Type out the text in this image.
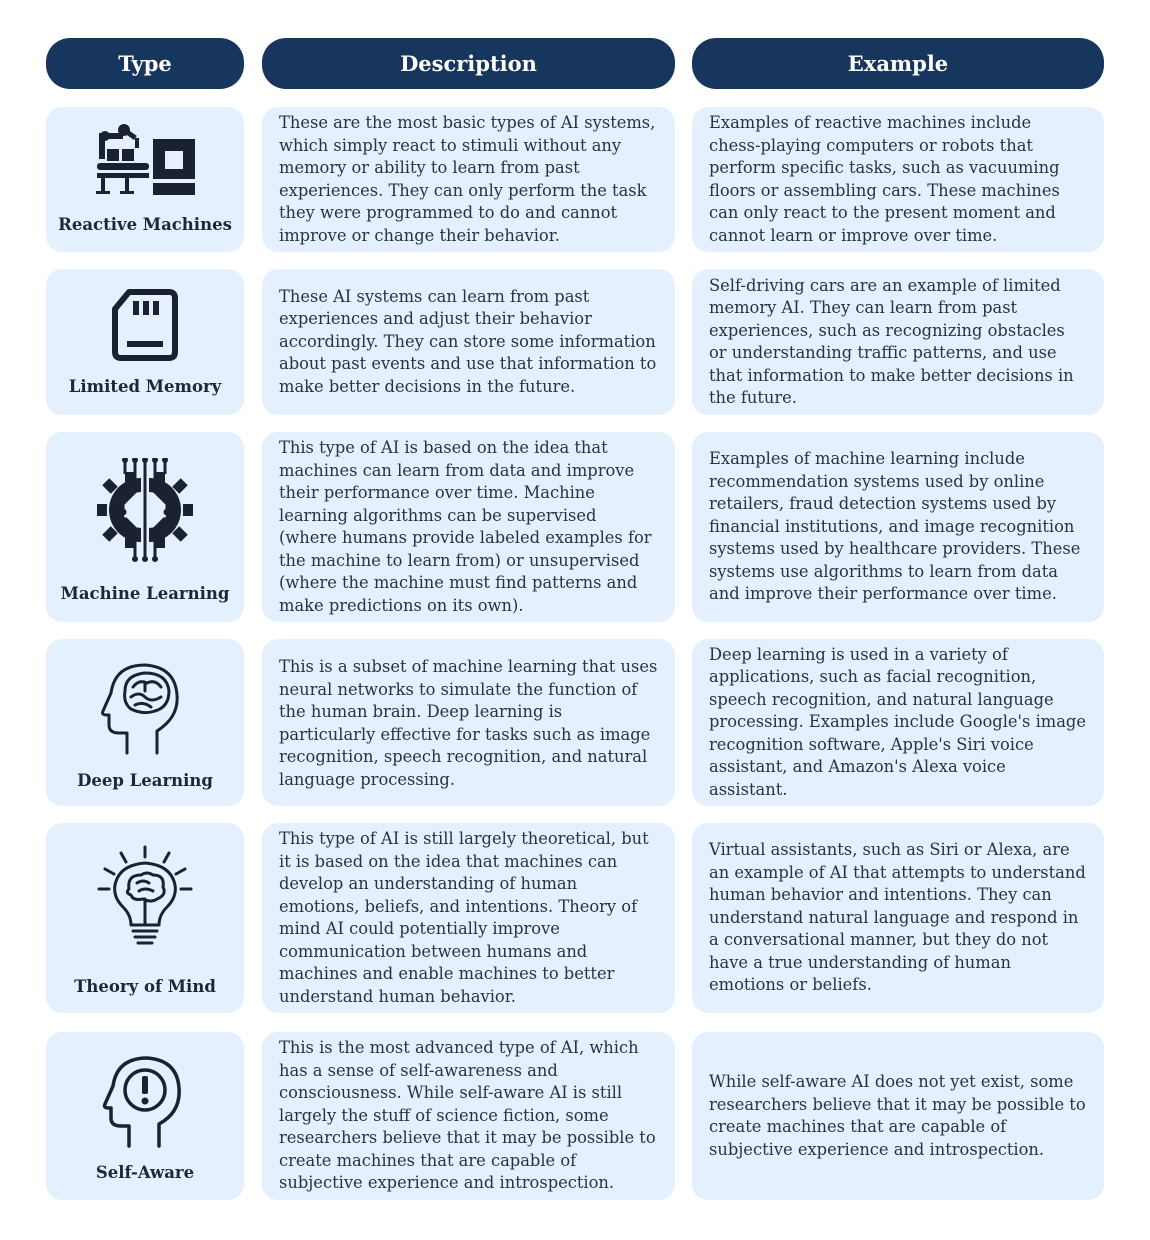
Type	Description	Example
Reactive Machines
These are the most basic types of AI systems, which simply react to stimuli without any memory or ability to learn from past experiences. They can only perform the task they were programmed to do and cannot improve or change their behavior.
Examples of reactive machines include chess-playing computers or robots that perform specific tasks, such as vacuuming floors or assembling cars. These machines can only react to the present moment and cannot learn or improve over time.
Limited Memory
These AI systems can learn from past experiences and adjust their behavior accordingly. They can store some information about past events and use that information to make better decisions in the future.
Self-driving cars are an example of limited memory AI. They can learn from past experiences, such as recognizing obstacles or understanding traffic patterns, and use that information to make better decisions in the future.
Machine Learning
This type of AI is based on the idea that machines can learn from data and improve their performance over time. Machine learning algorithms can be supervised (where humans provide labeled examples for the machine to learn from) or unsupervised (where the machine must find patterns and make predictions on its own).
Examples of machine learning include recommendation systems used by online retailers, fraud detection systems used by financial institutions, and image recognition systems used by healthcare providers. These systems use algorithms to learn from data and improve their performance over time.
Deep Learning
This is a subset of machine learning that uses neural networks to simulate the function of the human brain. Deep learning is particularly effective for tasks such as image recognition, speech recognition, and natural language processing.
Deep learning is used in a variety of applications, such as facial recognition, speech recognition, and natural language processing. Examples include Google's image recognition software, Apple's Siri voice assistant, and Amazon's Alexa voice assistant.
Theory of Mind
This type of AI is still largely theoretical, but it is based on the idea that machines can develop an understanding of human emotions, beliefs, and intentions. Theory of mind AI could potentially improve communication between humans and machines and enable machines to better understand human behavior.
Virtual assistants, such as Siri or Alexa, are an example of AI that attempts to understand human behavior and intentions. They can understand natural language and respond in a conversational manner, but they do not have a true understanding of human emotions or beliefs.
Self-Aware
This is the most advanced type of AI, which has a sense of self-awareness and consciousness. While self-aware AI is still largely the stuff of science fiction, some researchers believe that it may be possible to create machines that are capable of subjective experience and introspection.
While self-aware AI does not yet exist, some researchers believe that it may be possible to create machines that are capable of subjective experience and introspection.
